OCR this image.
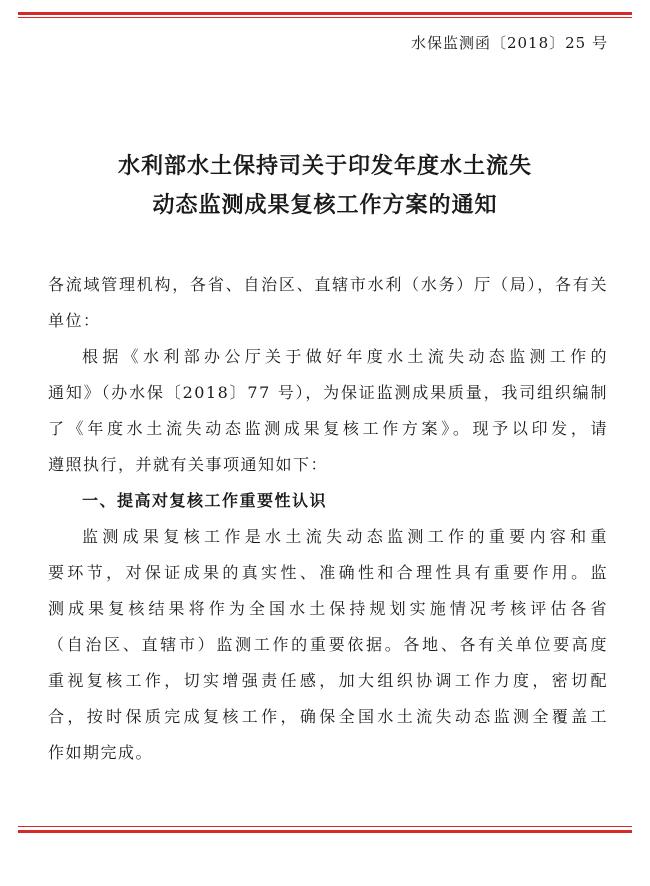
水保监测函〔2018〕25 号
水利部水土保持司关于印发年度水土流失
动态监测成果复核工作方案的通知
各流域管理机构，各省、自治区、直辖市水利（水务）厅（局），各有关
单位：
根据《水利部办公厅关于做好年度水土流失动态监测工作的
通知》（办水保〔2018〕77 号），为保证监测成果质量，我司组织编制
了《年度水土流失动态监测成果复核工作方案》。现予以印发，请
遵照执行，并就有关事项通知如下：
一、提高对复核工作重要性认识
监测成果复核工作是水土流失动态监测工作的重要内容和重
要环节，对保证成果的真实性、准确性和合理性具有重要作用。监
测成果复核结果将作为全国水土保持规划实施情况考核评估各省
（自治区、直辖市）监测工作的重要依据。各地、各有关单位要高度
重视复核工作，切实增强责任感，加大组织协调工作力度，密切配
合，按时保质完成复核工作，确保全国水土流失动态监测全覆盖工
作如期完成。
